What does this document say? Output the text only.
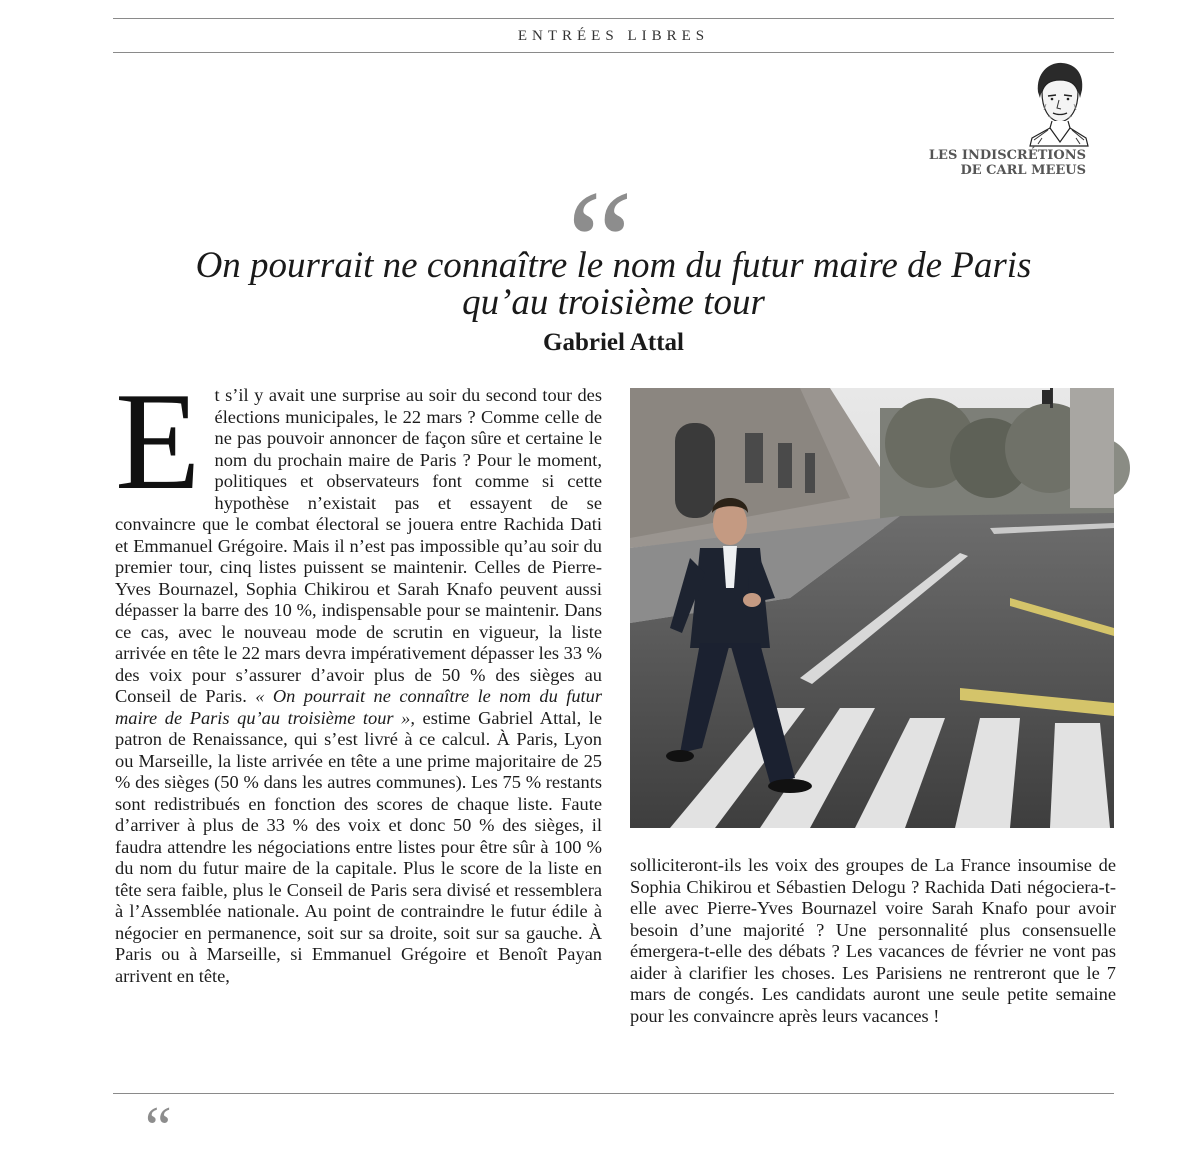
ENTRÉES LIBRES
LES INDISCRÉTIONS
DE CARL MEEUS
“
On pourrait ne connaître le nom du futur maire de Paris
qu’au troisième tour
Gabriel Attal

Et s’il y avait une surprise au soir du second tour des élections municipales, le 22 mars ? Comme celle de ne pas pouvoir annoncer de façon sûre et certaine le nom du prochain maire de Paris ? Pour le moment, politiques et observateurs font comme si cette hypothèse n’existait pas et essayent de se convaincre que le combat électoral se jouera entre Rachida Dati et Emmanuel Grégoire. Mais il n’est pas impossible qu’au soir du premier tour, cinq listes puissent se maintenir. Celles de Pierre-Yves Bournazel, Sophia Chikirou et Sarah Knafo peuvent aussi dépasser la barre des 10 %, indispensable pour se maintenir. Dans ce cas, avec le nouveau mode de scrutin en vigueur, la liste arrivée en tête le 22 mars devra impérativement dépasser les 33 % des voix pour s’assurer d’avoir plus de 50 % des sièges au Conseil de Paris. « On pourrait ne connaître le nom du futur maire de Paris qu’au troisième tour », estime Gabriel Attal, le patron de Renaissance, qui s’est livré à ce calcul. À Paris, Lyon ou Marseille, la liste arrivée en tête a une prime majoritaire de 25 % des sièges (50 % dans les autres communes). Les 75 % restants sont redistribués en fonction des scores de chaque liste. Faute d’arriver à plus de 33 % des voix et donc 50 % des sièges, il faudra attendre les négociations entre listes pour être sûr à 100 % du nom du futur maire de la capitale. Plus le score de la liste en tête sera faible, plus le Conseil de Paris sera divisé et ressemblera à l’Assemblée nationale. Au point de contraindre le futur édile à négocier en permanence, soit sur sa droite, soit sur sa gauche. À Paris ou à Marseille, si Emmanuel Grégoire et Benoît Payan arrivent en tête,

solliciteront-ils les voix des groupes de La France insoumise de Sophia Chikirou et Sébastien Delogu ? Rachida Dati négociera-t-elle avec Pierre-Yves Bournazel voire Sarah Knafo pour avoir besoin d’une majorité ? Une personnalité plus consensuelle émergera-t-elle des débats ? Les vacances de février ne vont pas aider à clarifier les choses. Les Parisiens ne rentreront que le 7 mars de congés. Les candidats auront une seule petite semaine pour les convaincre après leurs vacances !

“
